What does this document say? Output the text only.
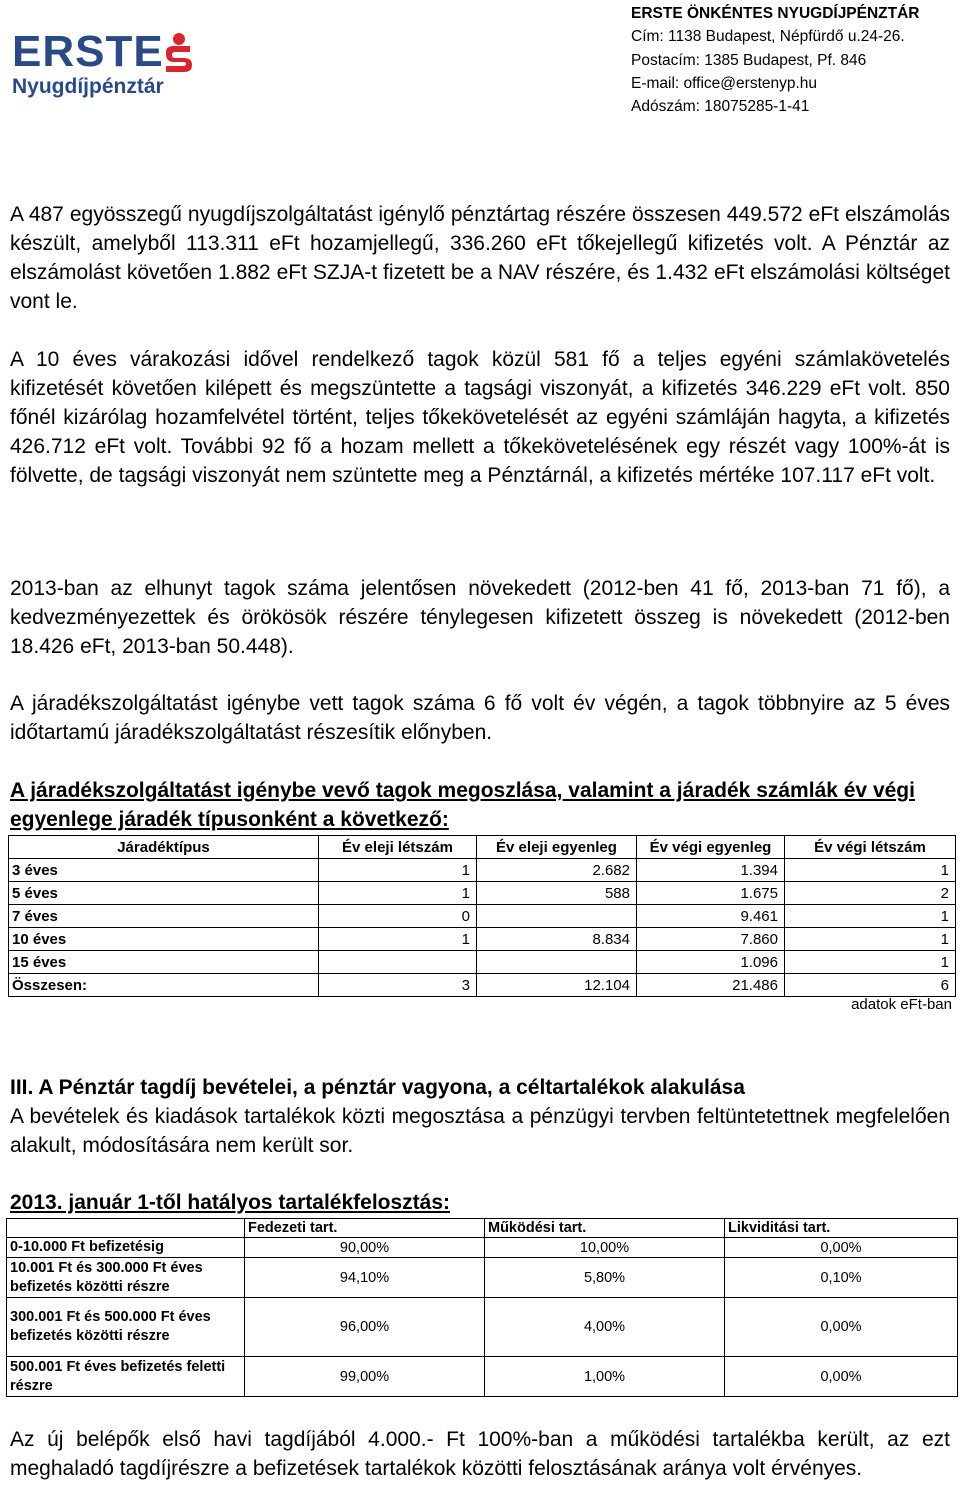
ERSTE
Nyugdíjpénztár
ERSTE ÖNKÉNTES NYUGDÍJPÉNZTÁR
Cím: 1138 Budapest, Népfürdő u.24-26.
Postacím: 1385 Budapest, Pf. 846
E-mail: office@erstenyp.hu
Adószám: 18075285-1-41
A 487 egyösszegű nyugdíjszolgáltatást igénylő pénztártag részére összesen 449.572 eFt elszámolás készült, amelyből 113.311 eFt hozamjellegű, 336.260 eFt tőkejellegű kifizetés volt. A Pénztár az elszámolást követően 1.882 eFt SZJA-t fizetett be a NAV részére, és 1.432 eFt elszámolási költséget vont le.
A 10 éves várakozási idővel rendelkező tagok közül 581 fő a teljes egyéni számlakövetelés kifizetését követően kilépett és megszüntette a tagsági viszonyát, a kifizetés 346.229 eFt volt. 850 főnél kizárólag hozamfelvétel történt, teljes tőkekövetelését az egyéni számláján hagyta, a kifizetés 426.712 eFt volt. További 92 fő a hozam mellett a tőkekövetelésének egy részét vagy 100%-át is fölvette, de tagsági viszonyát nem szüntette meg a Pénztárnál, a kifizetés mértéke 107.117 eFt volt.
2013-ban az elhunyt tagok száma jelentősen növekedett (2012-ben 41 fő, 2013-ban 71 fő), a kedvezményezettek és örökösök részére ténylegesen kifizetett összeg is növekedett (2012-ben 18.426 eFt, 2013-ban 50.448).
A járadékszolgáltatást igénybe vett tagok száma 6 fő volt év végén, a tagok többnyire az 5 éves időtartamú járadékszolgáltatást részesítik előnyben.
A járadékszolgáltatást igénybe vevő tagok megoszlása, valamint a járadék számlák év végi egyenlege járadék típusonként a következő:
Járadéktípus	Év eleji létszám	Év eleji egyenleg	Év végi egyenleg	Év végi létszám
3 éves	1	2.682	1.394	1
5 éves	1	588	1.675	2
7 éves	0		9.461	1
10 éves	1	8.834	7.860	1
15 éves			1.096	1
Összesen:	3	12.104	21.486	6
adatok eFt-ban
III. A Pénztár tagdíj bevételei, a pénztár vagyona, a céltartalékok alakulása
A bevételek és kiadások tartalékok közti megosztása a pénzügyi tervben feltüntetettnek megfelelően alakult, módosítására nem került sor.
2013. január 1-től hatályos tartalékfelosztás:
	Fedezeti tart.	Működési tart.	Likviditási tart.
0-10.000 Ft befizetésig	90,00%	10,00%	0,00%
10.001 Ft és 300.000 Ft éves befizetés közötti részre	94,10%	5,80%	0,10%
300.001 Ft és 500.000 Ft éves befizetés közötti részre	96,00%	4,00%	0,00%
500.001 Ft éves befizetés feletti részre	99,00%	1,00%	0,00%
Az új belépők első havi tagdíjából 4.000.- Ft 100%-ban a működési tartalékba került, az ezt meghaladó tagdíjrészre a befizetések tartalékok közötti felosztásának aránya volt érvényes.
